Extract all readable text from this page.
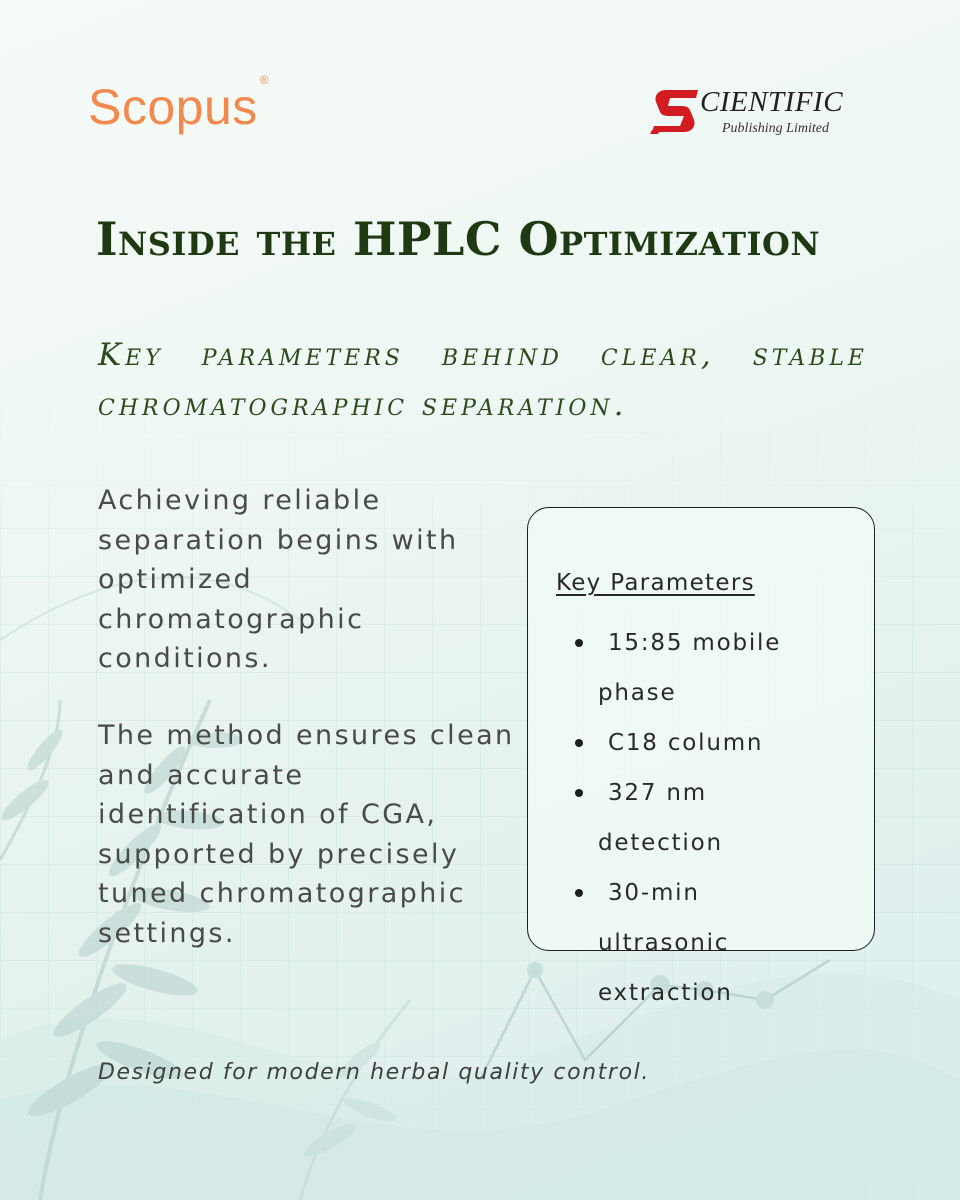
Scopus ®
CIENTIFIC
Publishing Limited
Inside the HPLC Optimization

Key parameters behind clear, stable chromatographic separation.

Achieving reliable separation begins with optimized chromatographic conditions.

The method ensures clean and accurate identification of CGA, supported by precisely tuned chromatographic settings.

Key Parameters

15:85 mobile
phase
C18 column
327 nm detection
30-min ultrasonic
extraction

Designed for modern herbal quality control.
